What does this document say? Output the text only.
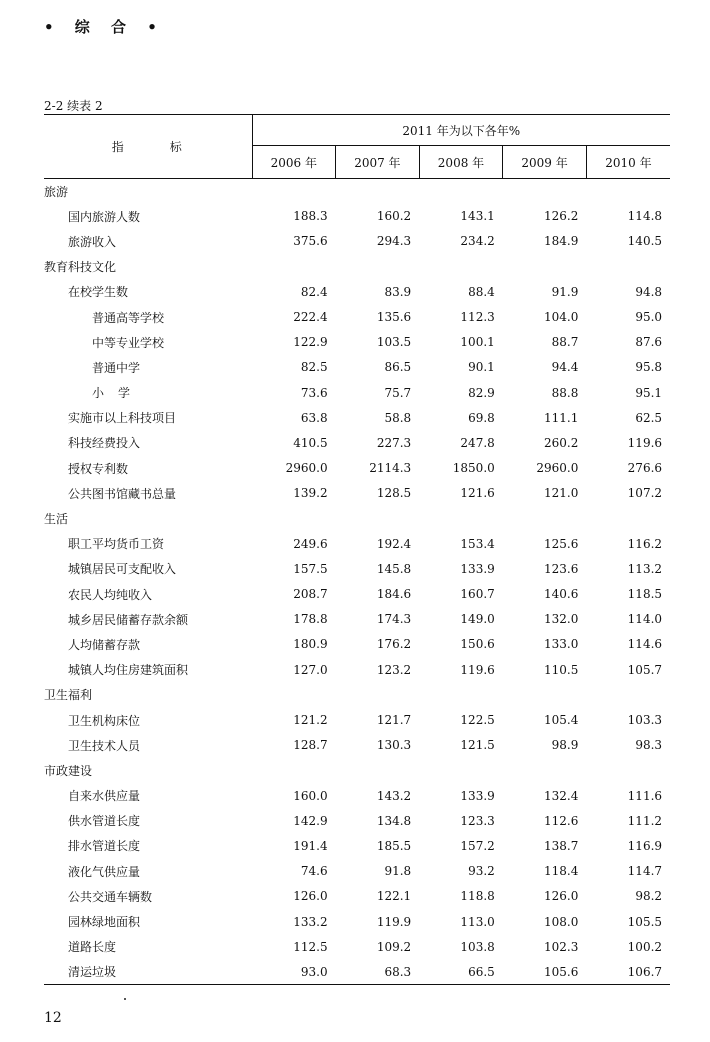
• 综 合 •
2-2 续表 2
指 标	2011 年为以下各年%				
	2006 年	2007 年	2008 年	2009 年	2010 年
旅游					
国内旅游人数	188.3	160.2	143.1	126.2	114.8
旅游收入	375.6	294.3	234.2	184.9	140.5
教育科技文化					
在校学生数	82.4	83.9	88.4	91.9	94.8
普通高等学校	222.4	135.6	112.3	104.0	95.0
中等专业学校	122.9	103.5	100.1	88.7	87.6
普通中学	82.5	86.5	90.1	94.4	95.8
小学	73.6	75.7	82.9	88.8	95.1
实施市以上科技项目	63.8	58.8	69.8	111.1	62.5
科技经费投入	410.5	227.3	247.8	260.2	119.6
授权专利数	2960.0	2114.3	1850.0	2960.0	276.6
公共图书馆藏书总量	139.2	128.5	121.6	121.0	107.2
生活					
职工平均货币工资	249.6	192.4	153.4	125.6	116.2
城镇居民可支配收入	157.5	145.8	133.9	123.6	113.2
农民人均纯收入	208.7	184.6	160.7	140.6	118.5
城乡居民储蓄存款余额	178.8	174.3	149.0	132.0	114.0
人均储蓄存款	180.9	176.2	150.6	133.0	114.6
城镇人均住房建筑面积	127.0	123.2	119.6	110.5	105.7
卫生福利					
卫生机构床位	121.2	121.7	122.5	105.4	103.3
卫生技术人员	128.7	130.3	121.5	98.9	98.3
市政建设					
自来水供应量	160.0	143.2	133.9	132.4	111.6
供水管道长度	142.9	134.8	123.3	112.6	111.2
排水管道长度	191.4	185.5	157.2	138.7	116.9
液化气供应量	74.6	91.8	93.2	118.4	114.7
公共交通车辆数	126.0	122.1	118.8	126.0	98.2
园林绿地面积	133.2	119.9	113.0	108.0	105.5
道路长度	112.5	109.2	103.8	102.3	100.2
清运垃圾	93.0	68.3	66.5	105.6	106.7
12
